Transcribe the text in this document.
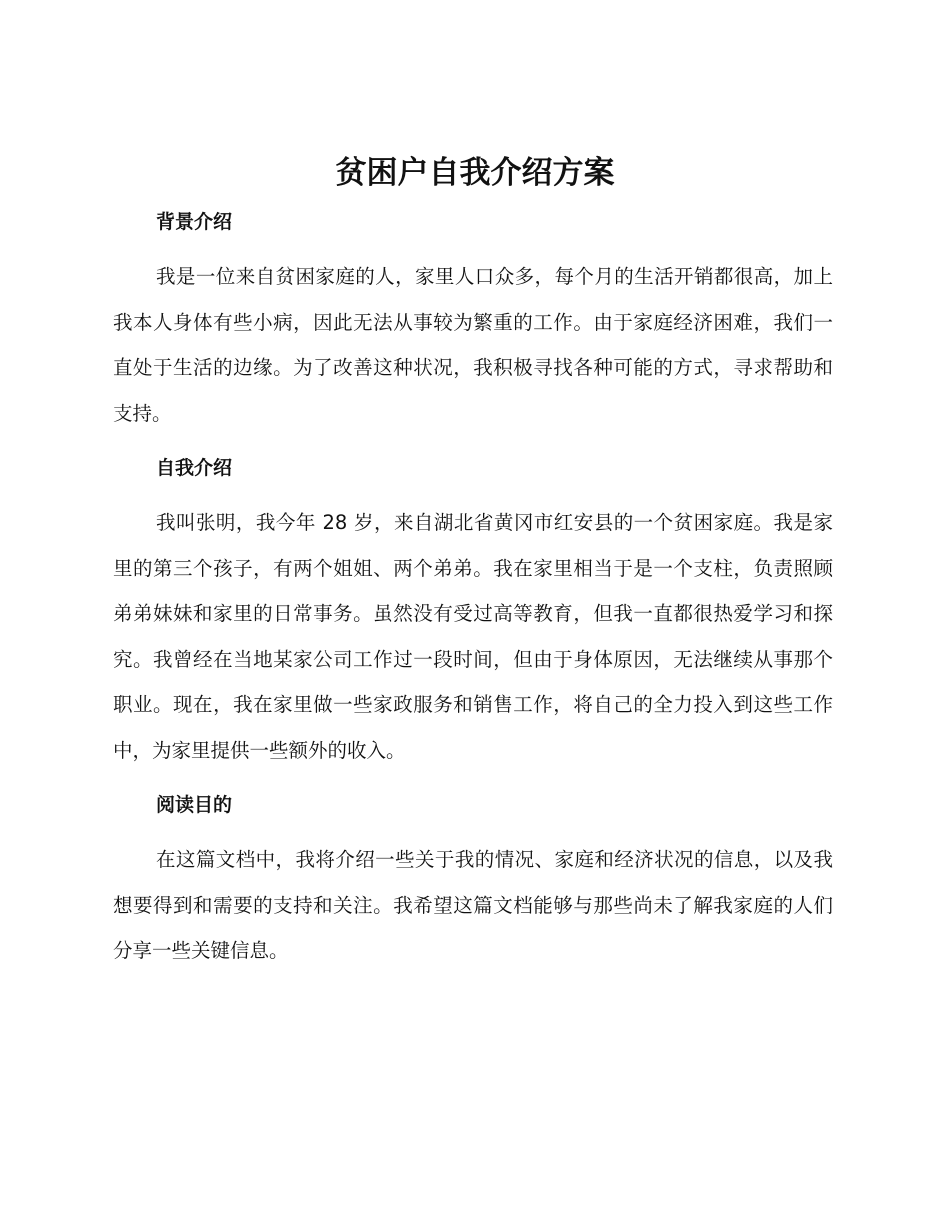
贫困户自我介绍方案
背景介绍

我是一位来自贫困家庭的人，家里人口众多，每个月的生活开销都很高，加上我本人身体有些小病，因此无法从事较为繁重的工作。由于家庭经济困难，我们一直处于生活的边缘。为了改善这种状况，我积极寻找各种可能的方式，寻求帮助和支持。

自我介绍

我叫张明，我今年 28 岁，来自湖北省黄冈市红安县的一个贫困家庭。我是家里的第三个孩子，有两个姐姐、两个弟弟。我在家里相当于是一个支柱，负责照顾弟弟妹妹和家里的日常事务。虽然没有受过高等教育，但我一直都很热爱学习和探究。我曾经在当地某家公司工作过一段时间，但由于身体原因，无法继续从事那个职业。现在，我在家里做一些家政服务和销售工作，将自己的全力投入到这些工作中，为家里提供一些额外的收入。

阅读目的

在这篇文档中，我将介绍一些关于我的情况、家庭和经济状况的信息，以及我想要得到和需要的支持和关注。我希望这篇文档能够与那些尚未了解我家庭的人们分享一些关键信息。
